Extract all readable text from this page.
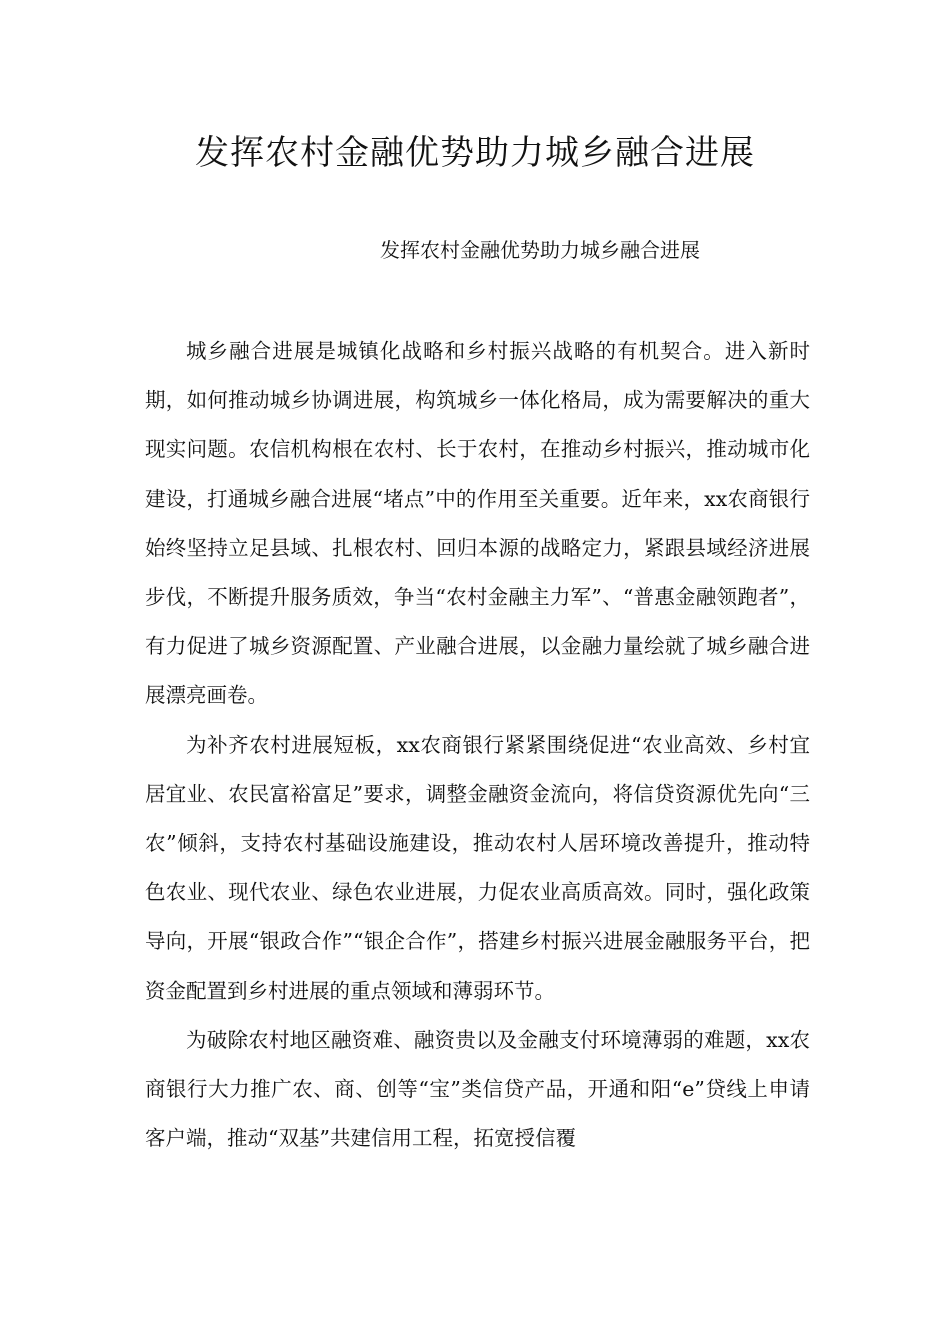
发挥农村金融优势助力城乡融合进展

发挥农村金融优势助力城乡融合进展

城乡融合进展是城镇化战略和乡村振兴战略的有机契合。进入新时期，如何推动城乡协调进展，构筑城乡一体化格局，成为需要解决的重大现实问题。农信机构根在农村、长于农村，在推动乡村振兴，推动城市化建设，打通城乡融合进展“堵点”中的作用至关重要。近年来，xx农商银行始终坚持立足县域、扎根农村、回归本源的战略定力，紧跟县域经济进展步伐，不断提升服务质效，争当“农村金融主力军”、“普惠金融领跑者”，有力促进了城乡资源配置、产业融合进展，以金融力量绘就了城乡融合进展漂亮画卷。

为补齐农村进展短板，xx农商银行紧紧围绕促进“农业高效、乡村宜居宜业、农民富裕富足”要求，调整金融资金流向，将信贷资源优先向“三农”倾斜，支持农村基础设施建设，推动农村人居环境改善提升，推动特色农业、现代农业、绿色农业进展，力促农业高质高效。同时，强化政策导向，开展“银政合作”“银企合作”，搭建乡村振兴进展金融服务平台，把资金配置到乡村进展的重点领域和薄弱环节。

为破除农村地区融资难、融资贵以及金融支付环境薄弱的难题，xx农商银行大力推广农、商、创等“宝”类信贷产品，开通和阳“e”贷线上申请客户端，推动“双基”共建信用工程，拓宽授信覆
